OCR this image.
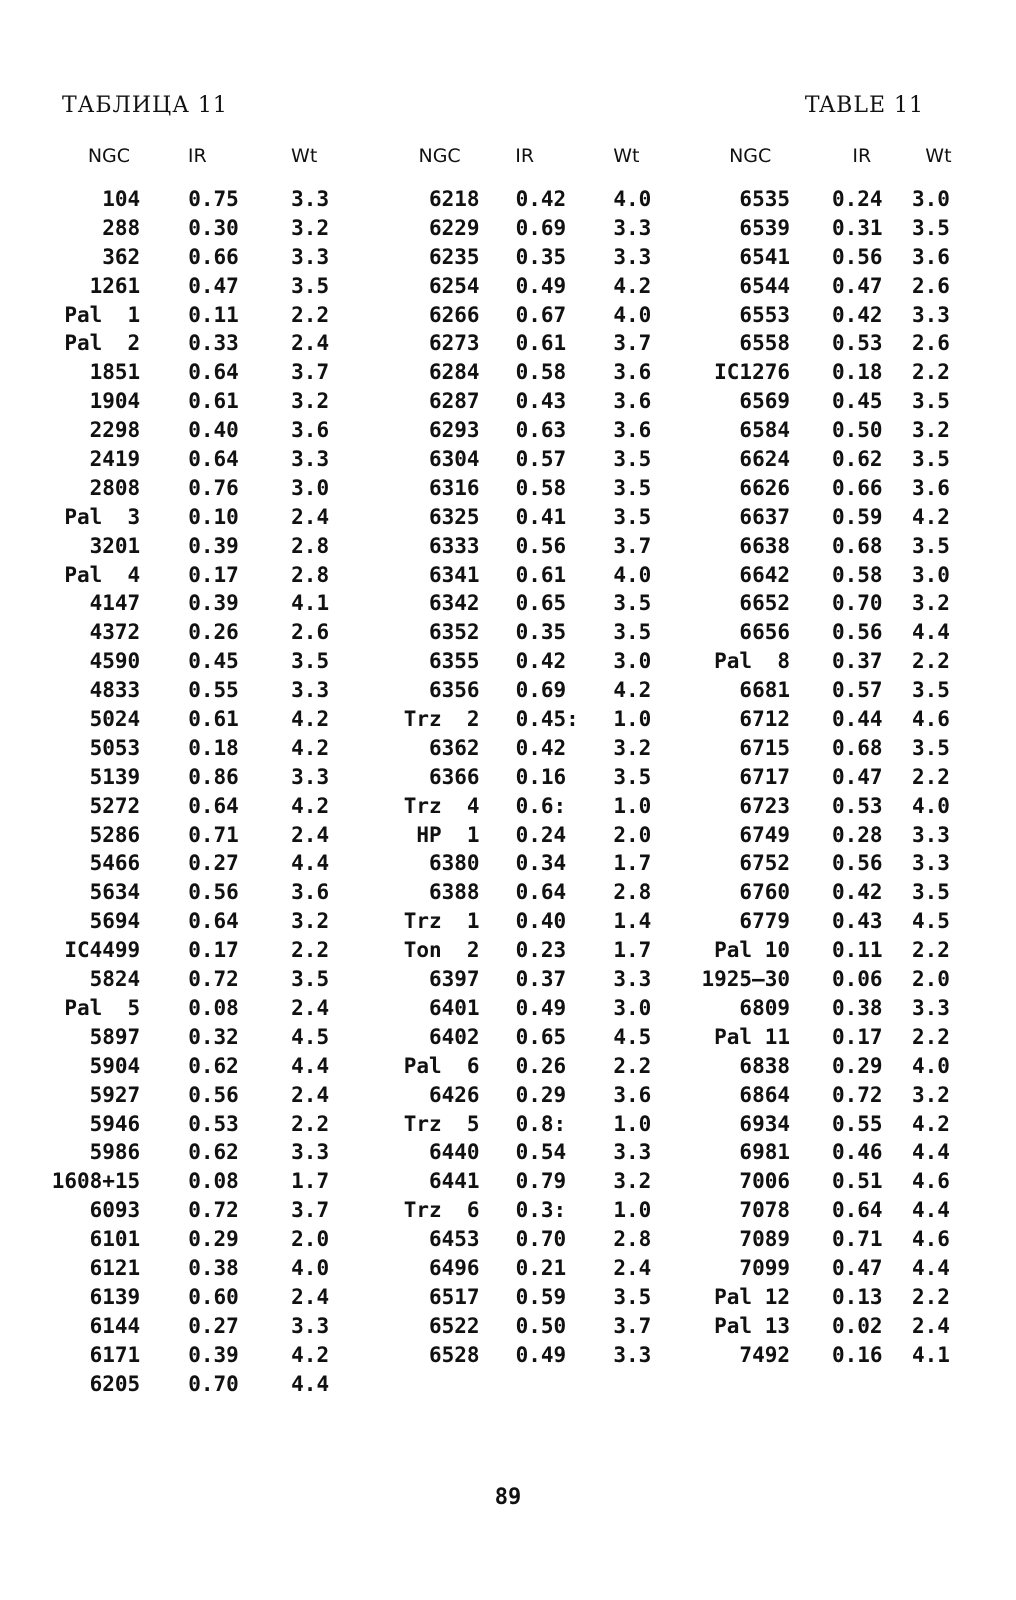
ТАБЛИЦА 11	TABLE 11
NGC	IR	Wt
104	0.75	3.3
288	0.30	3.2
362	0.66	3.3
1261	0.47	3.5
Pal  1	0.11	2.2
Pal  2	0.33	2.4
1851	0.64	3.7
1904	0.61	3.2
2298	0.40	3.6
2419	0.64	3.3
2808	0.76	3.0
Pal  3	0.10	2.4
3201	0.39	2.8
Pal  4	0.17	2.8
4147	0.39	4.1
4372	0.26	2.6
4590	0.45	3.5
4833	0.55	3.3
5024	0.61	4.2
5053	0.18	4.2
5139	0.86	3.3
5272	0.64	4.2
5286	0.71	2.4
5466	0.27	4.4
5634	0.56	3.6
5694	0.64	3.2
IC4499	0.17	2.2
5824	0.72	3.5
Pal  5	0.08	2.4
5897	0.32	4.5
5904	0.62	4.4
5927	0.56	2.4
5946	0.53	2.2
5986	0.62	3.3
1608+15	0.08	1.7
6093	0.72	3.7
6101	0.29	2.0
6121	0.38	4.0
6139	0.60	2.4
6144	0.27	3.3
6171	0.39	4.2
6205	0.70	4.4
NGC	IR	Wt
6218	0.42	4.0
6229	0.69	3.3
6235	0.35	3.3
6254	0.49	4.2
6266	0.67	4.0
6273	0.61	3.7
6284	0.58	3.6
6287	0.43	3.6
6293	0.63	3.6
6304	0.57	3.5
6316	0.58	3.5
6325	0.41	3.5
6333	0.56	3.7
6341	0.61	4.0
6342	0.65	3.5
6352	0.35	3.5
6355	0.42	3.0
6356	0.69	4.2
Trz  2	0.45:	1.0
6362	0.42	3.2
6366	0.16	3.5
Trz  4	0.6:	1.0
HP  1	0.24	2.0
6380	0.34	1.7
6388	0.64	2.8
Trz  1	0.40	1.4
Ton  2	0.23	1.7
6397	0.37	3.3
6401	0.49	3.0
6402	0.65	4.5
Pal  6	0.26	2.2
6426	0.29	3.6
Trz  5	0.8:	1.0
6440	0.54	3.3
6441	0.79	3.2
Trz  6	0.3:	1.0
6453	0.70	2.8
6496	0.21	2.4
6517	0.59	3.5
6522	0.50	3.7
6528	0.49	3.3
NGC	IR	Wt
6535	0.24	3.0
6539	0.31	3.5
6541	0.56	3.6
6544	0.47	2.6
6553	0.42	3.3
6558	0.53	2.6
IC1276	0.18	2.2
6569	0.45	3.5
6584	0.50	3.2
6624	0.62	3.5
6626	0.66	3.6
6637	0.59	4.2
6638	0.68	3.5
6642	0.58	3.0
6652	0.70	3.2
6656	0.56	4.4
Pal  8	0.37	2.2
6681	0.57	3.5
6712	0.44	4.6
6715	0.68	3.5
6717	0.47	2.2
6723	0.53	4.0
6749	0.28	3.3
6752	0.56	3.3
6760	0.42	3.5
6779	0.43	4.5
Pal 10	0.11	2.2
1925–30	0.06	2.0
6809	0.38	3.3
Pal 11	0.17	2.2
6838	0.29	4.0
6864	0.72	3.2
6934	0.55	4.2
6981	0.46	4.4
7006	0.51	4.6
7078	0.64	4.4
7089	0.71	4.6
7099	0.47	4.4
Pal 12	0.13	2.2
Pal 13	0.02	2.4
7492	0.16	4.1
89
